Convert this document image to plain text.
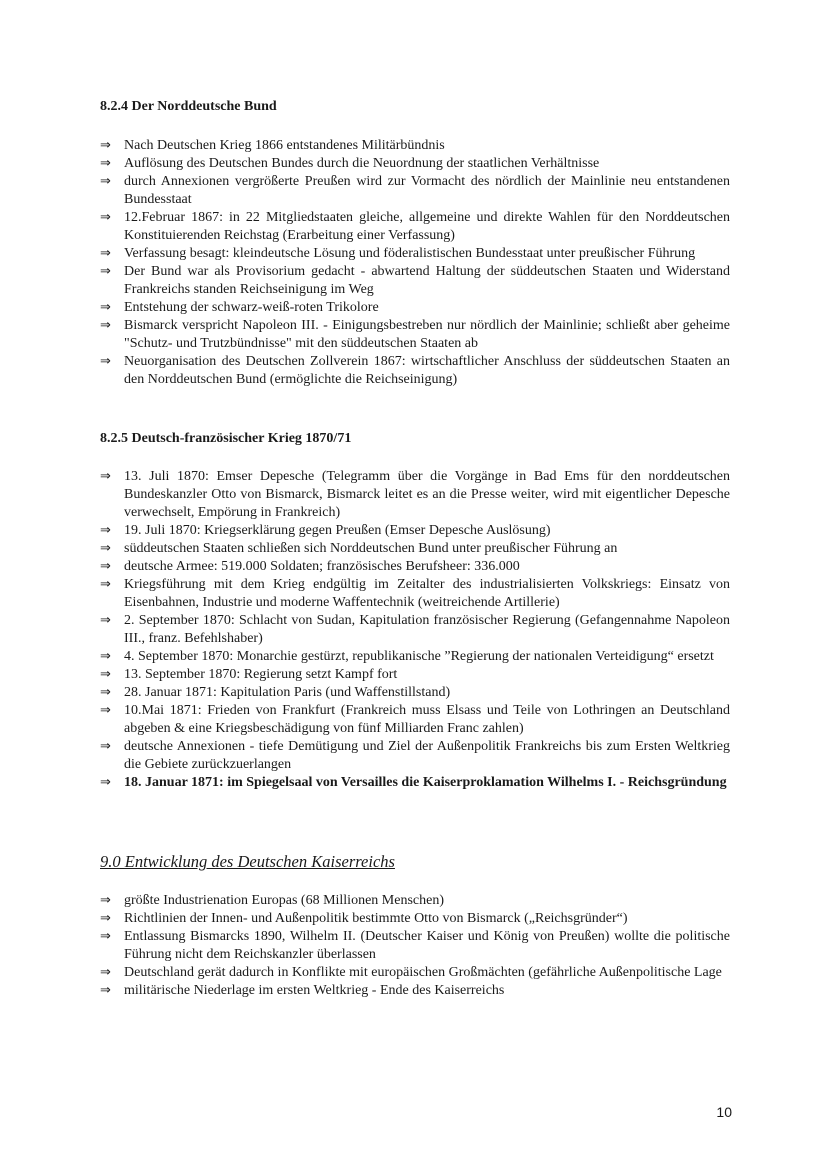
8.2.4 Der Norddeutsche Bund
⇒ Nach Deutschen Krieg 1866 entstandenes Militärbündnis
⇒ Auflösung des Deutschen Bundes durch die Neuordnung der staatlichen Verhältnisse
⇒ durch Annexionen vergrößerte Preußen wird zur Vormacht des nördlich der Mainlinie neu entstandenen Bundesstaat
⇒ 12.Februar 1867: in 22 Mitgliedstaaten gleiche, allgemeine und direkte Wahlen für den Norddeutschen Konstituierenden Reichstag (Erarbeitung einer Verfassung)
⇒ Verfassung besagt: kleindeutsche Lösung und föderalistischen Bundesstaat unter preußischer Führung
⇒ Der Bund war als Provisorium gedacht - abwartend Haltung der süddeutschen Staaten und Widerstand Frankreichs standen Reichseinigung im Weg
⇒ Entstehung der schwarz-weiß-roten Trikolore
⇒ Bismarck verspricht Napoleon III. - Einigungsbestreben nur nördlich der Mainlinie; schließt aber geheime "Schutz- und Trutzbündnisse" mit den süddeutschen Staaten ab
⇒ Neuorganisation des Deutschen Zollverein 1867: wirtschaftlicher Anschluss der süddeutschen Staaten an den Norddeutschen Bund (ermöglichte die Reichseinigung)
8.2.5 Deutsch-französischer Krieg 1870/71
⇒ 13. Juli 1870: Emser Depesche (Telegramm über die Vorgänge in Bad Ems für den norddeutschen Bundeskanzler Otto von Bismarck, Bismarck leitet es an die Presse weiter, wird mit eigentlicher Depesche verwechselt, Empörung in Frankreich)
⇒ 19. Juli 1870: Kriegserklärung gegen Preußen (Emser Depesche Auslösung)
⇒ süddeutschen Staaten schließen sich Norddeutschen Bund unter preußischer Führung an
⇒ deutsche Armee: 519.000 Soldaten; französisches Berufsheer: 336.000
⇒ Kriegsführung mit dem Krieg endgültig im Zeitalter des industrialisierten Volkskriegs: Einsatz von Eisenbahnen, Industrie und moderne Waffentechnik (weitreichende Artillerie)
⇒ 2. September 1870: Schlacht von Sudan, Kapitulation französischer Regierung (Gefangennahme Napoleon III., franz. Befehlshaber)
⇒ 4. September 1870: Monarchie gestürzt, republikanische ”Regierung der nationalen Verteidigung“ ersetzt
⇒ 13. September 1870: Regierung setzt Kampf fort
⇒ 28. Januar 1871: Kapitulation Paris (und Waffenstillstand)
⇒ 10.Mai 1871: Frieden von Frankfurt (Frankreich muss Elsass und Teile von Lothringen an Deutschland abgeben & eine Kriegsbeschädigung von fünf Milliarden Franc zahlen)
⇒ deutsche Annexionen - tiefe Demütigung und Ziel der Außenpolitik Frankreichs bis zum Ersten Weltkrieg die Gebiete zurückzuerlangen
⇒ 18. Januar 1871: im Spiegelsaal von Versailles die Kaiserproklamation Wilhelms I. - Reichsgründung
9.0 Entwicklung des Deutschen Kaiserreichs
⇒ größte Industrienation Europas (68 Millionen Menschen)
⇒ Richtlinien der Innen- und Außenpolitik bestimmte Otto von Bismarck („Reichsgründer“)
⇒ Entlassung Bismarcks 1890, Wilhelm II. (Deutscher Kaiser und König von Preußen) wollte die politische Führung nicht dem Reichskanzler überlassen
⇒ Deutschland gerät dadurch in Konflikte mit europäischen Großmächten (gefährliche Außenpolitische Lage
⇒ militärische Niederlage im ersten Weltkrieg - Ende des Kaiserreichs
10
